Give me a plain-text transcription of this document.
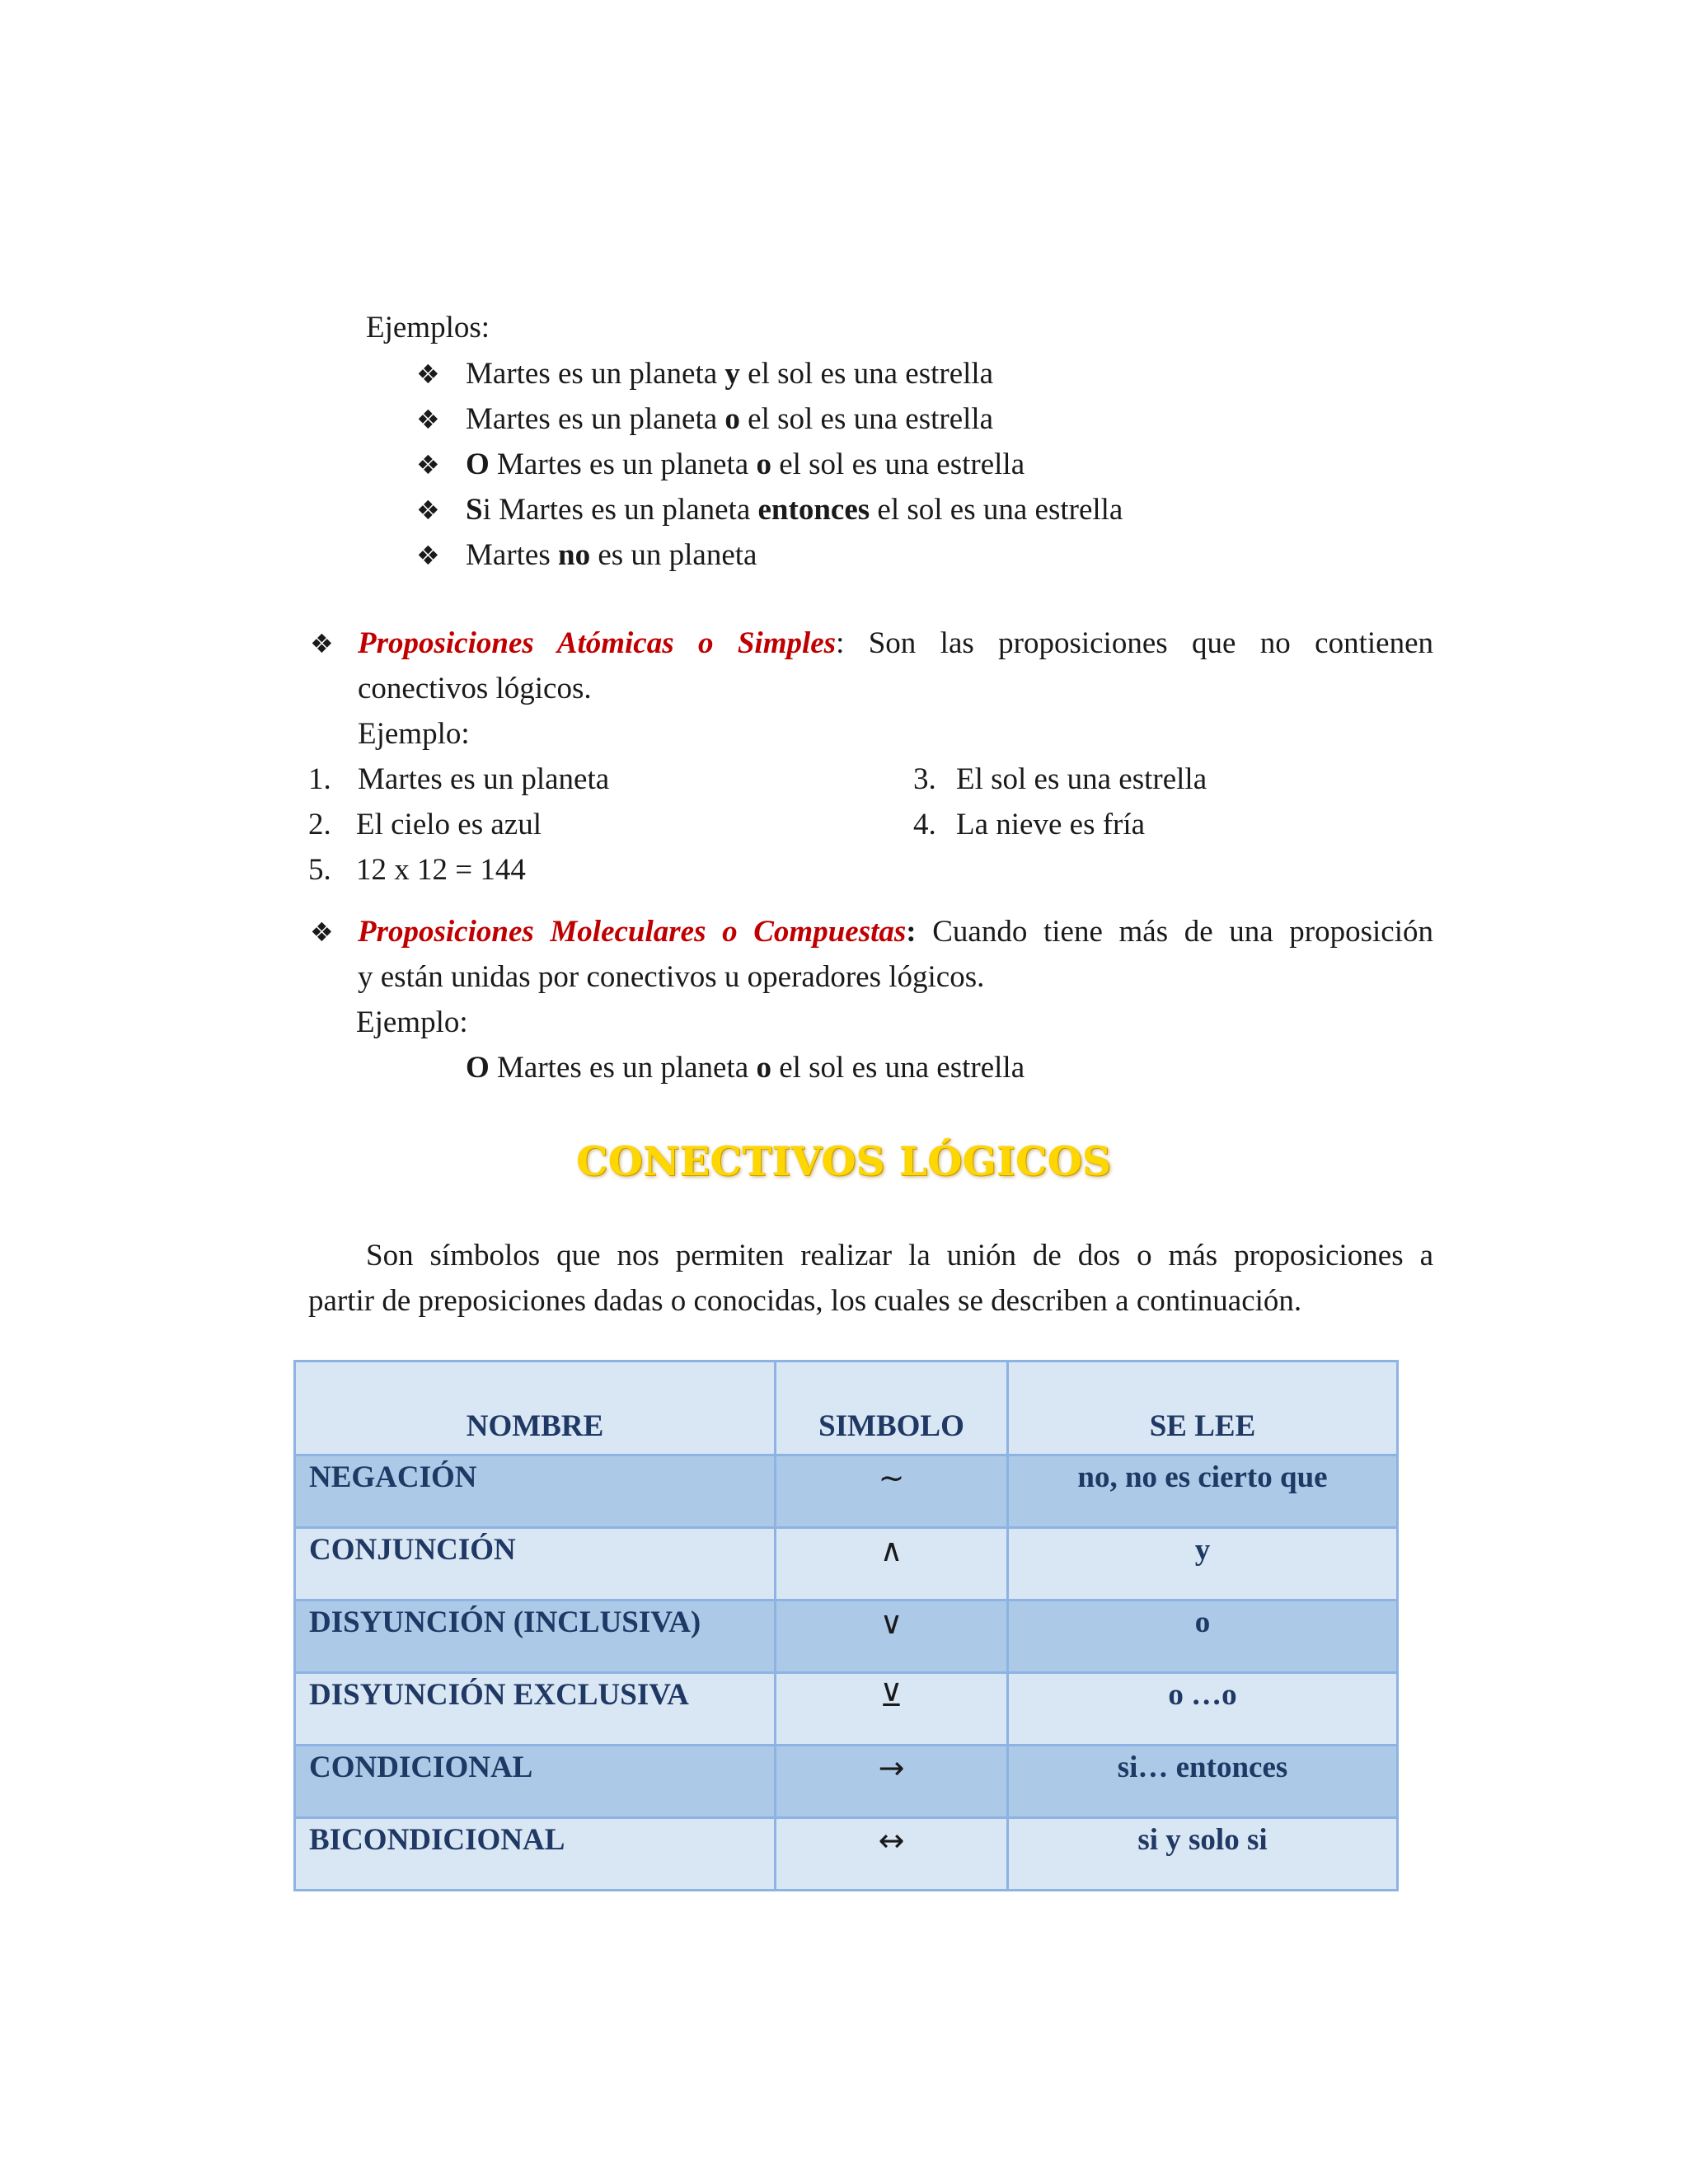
Ejemplos:
❖ Martes es un planeta y el sol es una estrella
❖ Martes es un planeta o el sol es una estrella
❖ O Martes es un planeta o el sol es una estrella
❖ Si Martes es un planeta entonces el sol es una estrella
❖ Martes no es un planeta
❖ Proposiciones Atómicas o Simples: Son las proposiciones que no contienen
conectivos lógicos.
Ejemplo:
1. Martes es un planeta
2. El cielo es azul
3. El sol es una estrella
4. La nieve es fría
5. 12 x 12 = 144
❖ Proposiciones Moleculares o Compuestas: Cuando tiene más de una proposición
y están unidas por conectivos u operadores lógicos.
Ejemplo:
O Martes es un planeta o el sol es una estrella
CONECTIVOS LÓGICOS
Son símbolos que nos permiten realizar la unión de dos o más proposiciones a
partir de preposiciones dadas o conocidas, los cuales se describen a continuación.
NOMBRE	SIMBOLO	SE LEE
NEGACIÓN	~	no, no es cierto que
CONJUNCIÓN	∧	y
DISYUNCIÓN (INCLUSIVA)	∨	o
DISYUNCIÓN EXCLUSIVA	⊻	o …o
CONDICIONAL	→	si… entonces
BICONDICIONAL	↔	si y solo si
